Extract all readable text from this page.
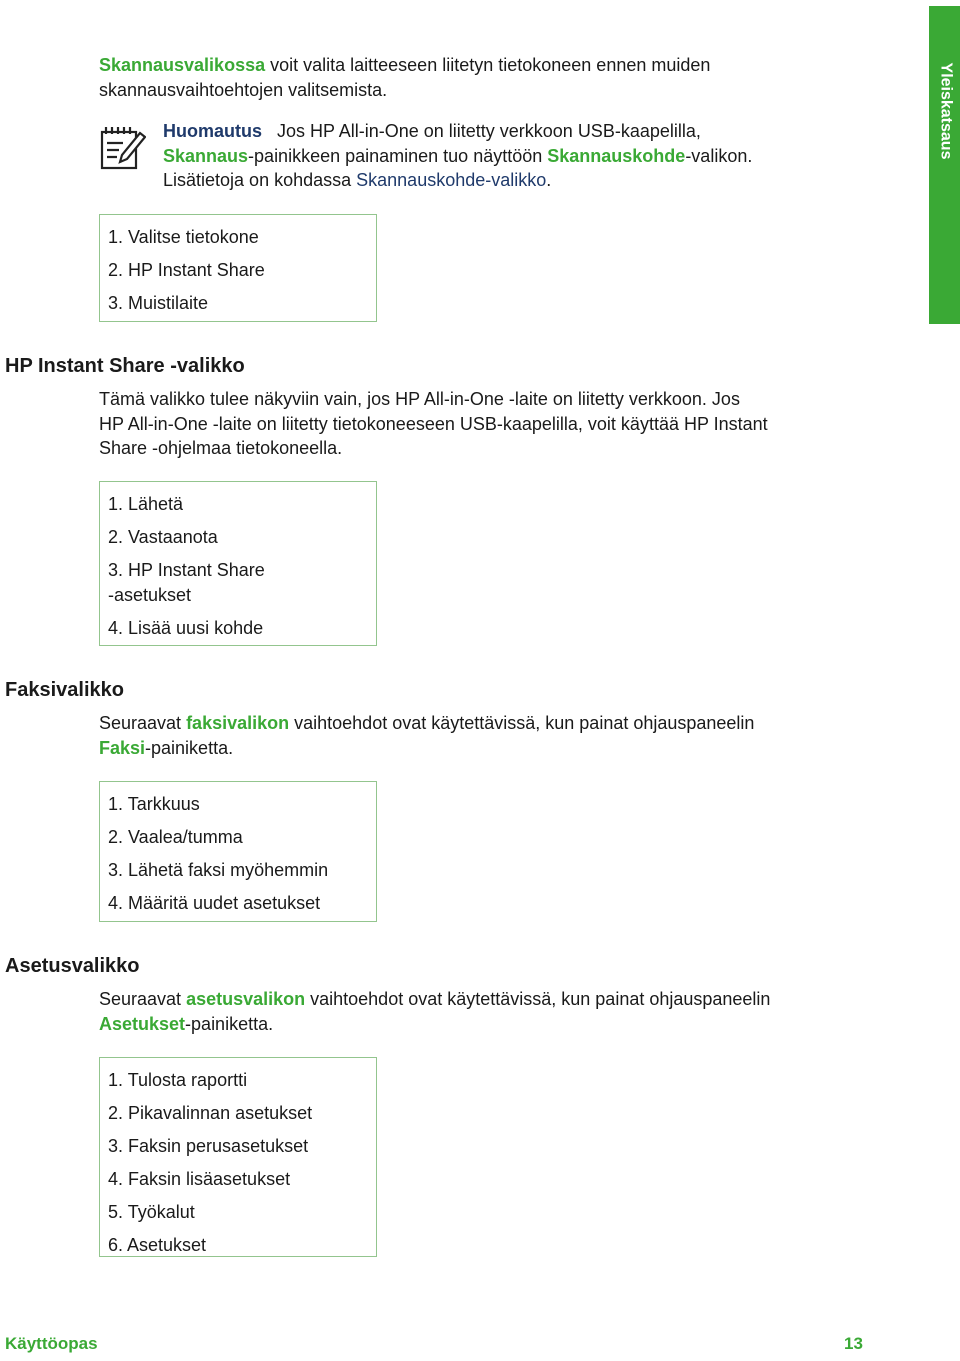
Skannausvalikossa voit valita laitteeseen liitetyn tietokoneen ennen muiden
skannausvaihtoehtojen valitsemista.
Huomautus Jos HP All-in-One on liitetty verkkoon USB-kaapelilla,
Skannaus-painikkeen painaminen tuo näyttöön Skannauskohde-valikon.
Lisätietoja on kohdassa Skannauskohde-valikko.
1. Valitse tietokone
2. HP Instant Share
3. Muistilaite
Yleiskatsaus
HP Instant Share -valikko
Tämä valikko tulee näkyviin vain, jos HP All-in-One -laite on liitetty verkkoon. Jos
HP All-in-One -laite on liitetty tietokoneeseen USB-kaapelilla, voit käyttää HP Instant
Share -ohjelmaa tietokoneella.
1. Lähetä
2. Vastaanota
3. HP Instant Share
-asetukset
4. Lisää uusi kohde
Faksivalikko
Seuraavat faksivalikon vaihtoehdot ovat käytettävissä, kun painat ohjauspaneelin
Faksi-painiketta.
1. Tarkkuus
2. Vaalea/tumma
3. Lähetä faksi myöhemmin
4. Määritä uudet asetukset
Asetusvalikko
Seuraavat asetusvalikon vaihtoehdot ovat käytettävissä, kun painat ohjauspaneelin
Asetukset-painiketta.
1. Tulosta raportti
2. Pikavalinnan asetukset
3. Faksin perusasetukset
4. Faksin lisäasetukset
5. Työkalut
6. Asetukset
Käyttöopas	13
